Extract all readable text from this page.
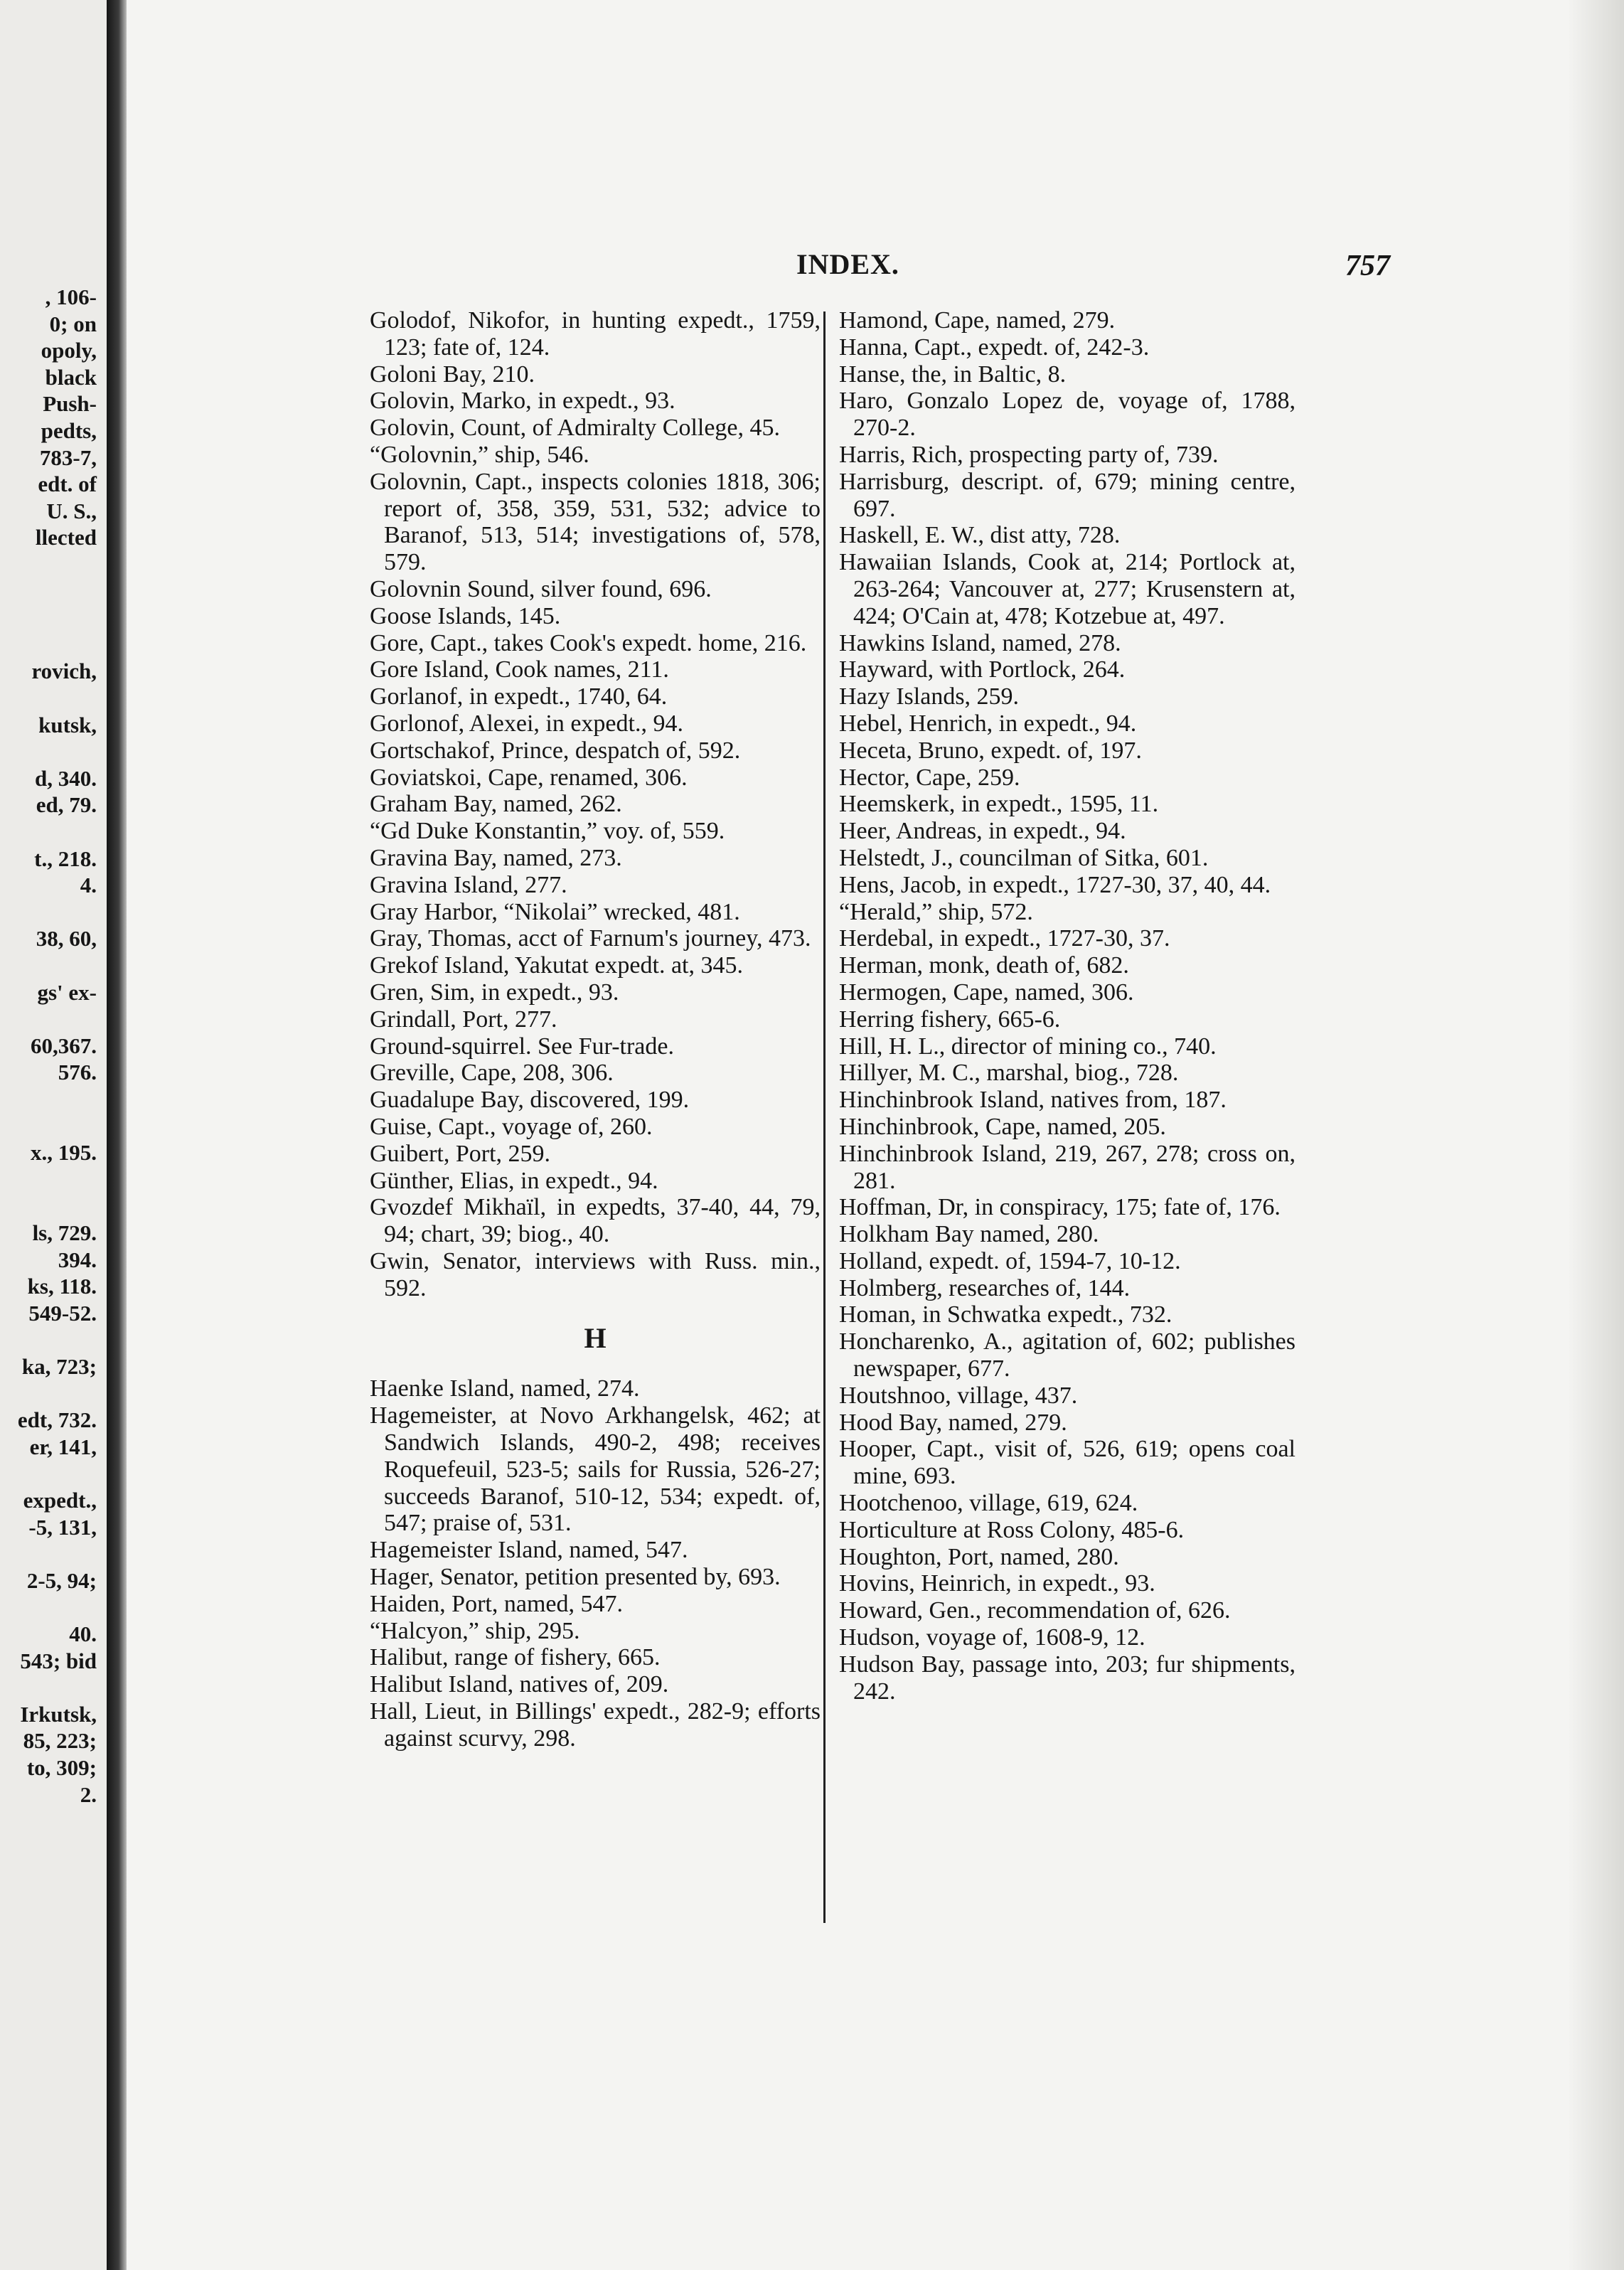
, 106-
0; on
opoly,
black
Push-
pedts,
783-7,
edt. of
U. S.,
llected
rovich,
kutsk,
d, 340.
ed, 79.
t., 218.
4.
38, 60,
gs' ex-
60,367.
576.
x., 195.
ls, 729.
394.
ks, 118.
549-52.
ka, 723;
edt, 732.
er, 141,
expedt.,
-5, 131,
2-5, 94;
40.
543; bid
Irkutsk,
85, 223;
to, 309;
2.
INDEX.	757

Golodof, Nikofor, in hunting expedt., 1759, 123; fate of, 124.

Goloni Bay, 210.

Golovin, Marko, in expedt., 93.

Golovin, Count, of Admiralty College, 45.

“Golovnin,” ship, 546.

Golovnin, Capt., inspects colonies 1818, 306; report of, 358, 359, 531, 532; advice to Baranof, 513, 514; investigations of, 578, 579.

Golovnin Sound, silver found, 696.

Goose Islands, 145.

Gore, Capt., takes Cook's expedt. home, 216.

Gore Island, Cook names, 211.

Gorlanof, in expedt., 1740, 64.

Gorlonof, Alexei, in expedt., 94.

Gortschakof, Prince, despatch of, 592.

Goviatskoi, Cape, renamed, 306.

Graham Bay, named, 262.

“Gd Duke Konstantin,” voy. of, 559.

Gravina Bay, named, 273.

Gravina Island, 277.

Gray Harbor, “Nikolai” wrecked, 481.

Gray, Thomas, acct of Farnum's journey, 473.

Grekof Island, Yakutat expedt. at, 345.

Gren, Sim, in expedt., 93.

Grindall, Port, 277.

Ground-squirrel. See Fur-trade.

Greville, Cape, 208, 306.

Guadalupe Bay, discovered, 199.

Guise, Capt., voyage of, 260.

Guibert, Port, 259.

Günther, Elias, in expedt., 94.

Gvozdef Mikhaïl, in expedts, 37-40, 44, 79, 94; chart, 39; biog., 40.

Gwin, Senator, interviews with Russ. min., 592.

H

Haenke Island, named, 274.

Hagemeister, at Novo Arkhangelsk, 462; at Sandwich Islands, 490-2, 498; receives Roquefeuil, 523-5; sails for Russia, 526-27; succeeds Baranof, 510-12, 534; expedt. of, 547; praise of, 531.

Hagemeister Island, named, 547.

Hager, Senator, petition presented by, 693.

Haiden, Port, named, 547.

“Halcyon,” ship, 295.

Halibut, range of fishery, 665.

Halibut Island, natives of, 209.

Hall, Lieut, in Billings' expedt., 282-9; efforts against scurvy, 298.

Hamond, Cape, named, 279.

Hanna, Capt., expedt. of, 242-3.

Hanse, the, in Baltic, 8.

Haro, Gonzalo Lopez de, voyage of, 1788, 270-2.

Harris, Rich, prospecting party of, 739.

Harrisburg, descript. of, 679; mining centre, 697.

Haskell, E. W., dist atty, 728.

Hawaiian Islands, Cook at, 214; Portlock at, 263-264; Vancouver at, 277; Krusenstern at, 424; O'Cain at, 478; Kotzebue at, 497.

Hawkins Island, named, 278.

Hayward, with Portlock, 264.

Hazy Islands, 259.

Hebel, Henrich, in expedt., 94.

Heceta, Bruno, expedt. of, 197.

Hector, Cape, 259.

Heemskerk, in expedt., 1595, 11.

Heer, Andreas, in expedt., 94.

Helstedt, J., councilman of Sitka, 601.

Hens, Jacob, in expedt., 1727-30, 37, 40, 44.

“Herald,” ship, 572.

Herdebal, in expedt., 1727-30, 37.

Herman, monk, death of, 682.

Hermogen, Cape, named, 306.

Herring fishery, 665-6.

Hill, H. L., director of mining co., 740.

Hillyer, M. C., marshal, biog., 728.

Hinchinbrook Island, natives from, 187.

Hinchinbrook, Cape, named, 205.

Hinchinbrook Island, 219, 267, 278; cross on, 281.

Hoffman, Dr, in conspiracy, 175; fate of, 176.

Holkham Bay named, 280.

Holland, expedt. of, 1594-7, 10-12.

Holmberg, researches of, 144.

Homan, in Schwatka expedt., 732.

Honcharenko, A., agitation of, 602; publishes newspaper, 677.

Houtshnoo, village, 437.

Hood Bay, named, 279.

Hooper, Capt., visit of, 526, 619; opens coal mine, 693.

Hootchenoo, village, 619, 624.

Horticulture at Ross Colony, 485-6.

Houghton, Port, named, 280.

Hovins, Heinrich, in expedt., 93.

Howard, Gen., recommendation of, 626.

Hudson, voyage of, 1608-9, 12.

Hudson Bay, passage into, 203; fur shipments, 242.
